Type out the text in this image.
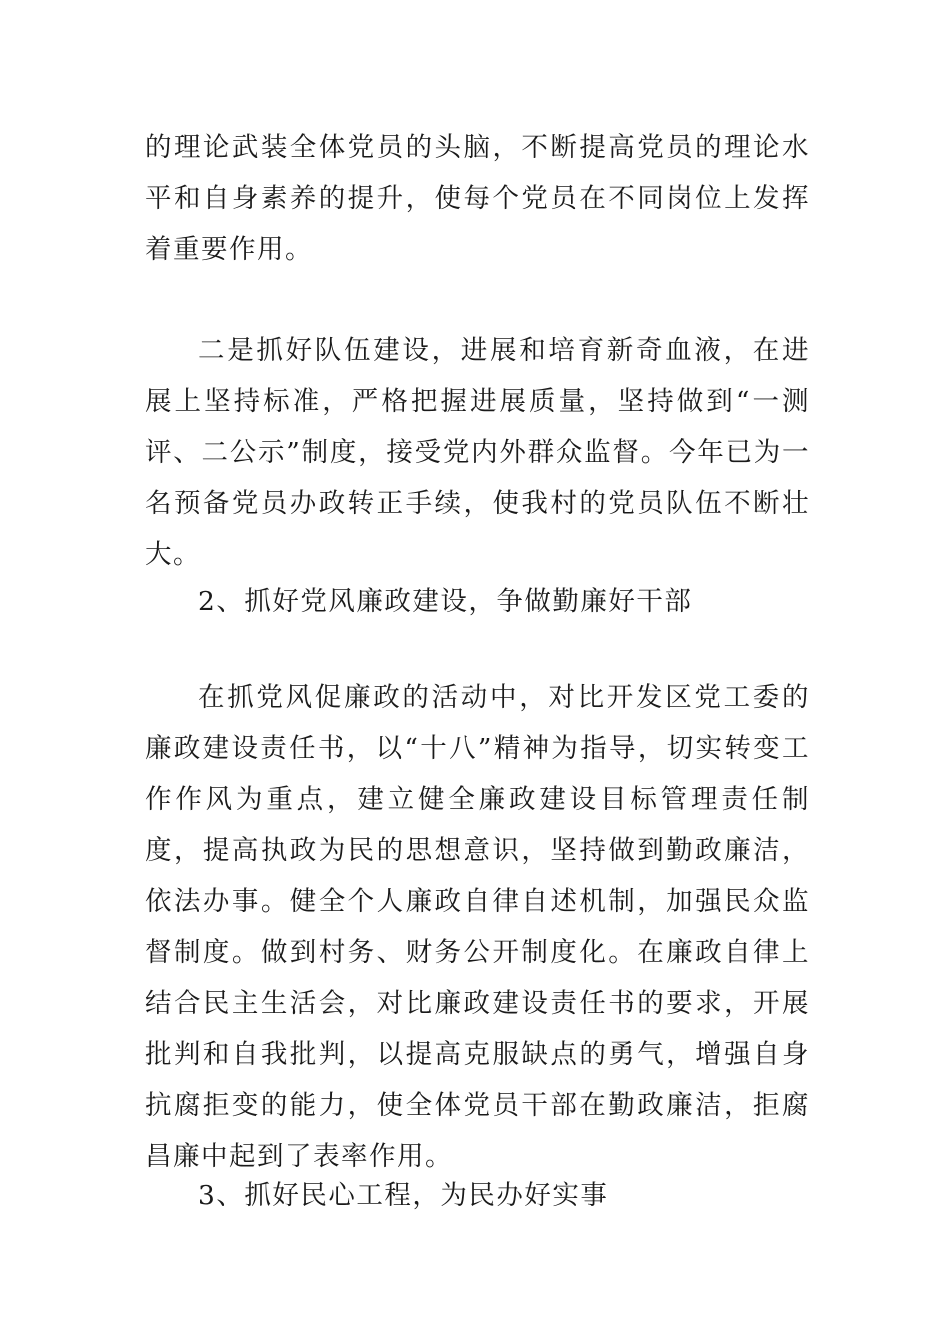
的理论武装全体党员的头脑，不断提高党员的理论水平和自身素养的提升，使每个党员在不同岗位上发挥着重要作用。

二是抓好队伍建设，进展和培育新奇血液，在进展上坚持标准，严格把握进展质量，坚持做到“一测评、二公示”制度，接受党内外群众监督。今年已为一名预备党员办政转正手续，使我村的党员队伍不断壮大。

2、抓好党风廉政建设，争做勤廉好干部

在抓党风促廉政的活动中，对比开发区党工委的廉政建设责任书，以“十八”精神为指导，切实转变工作作风为重点，建立健全廉政建设目标管理责任制度，提高执政为民的思想意识，坚持做到勤政廉洁，依法办事。健全个人廉政自律自述机制，加强民众监督制度。做到村务、财务公开制度化。在廉政自律上结合民主生活会，对比廉政建设责任书的要求，开展批判和自我批判，以提高克服缺点的勇气，增强自身抗腐拒变的能力，使全体党员干部在勤政廉洁，拒腐昌廉中起到了表率作用。

3、抓好民心工程，为民办好实事
